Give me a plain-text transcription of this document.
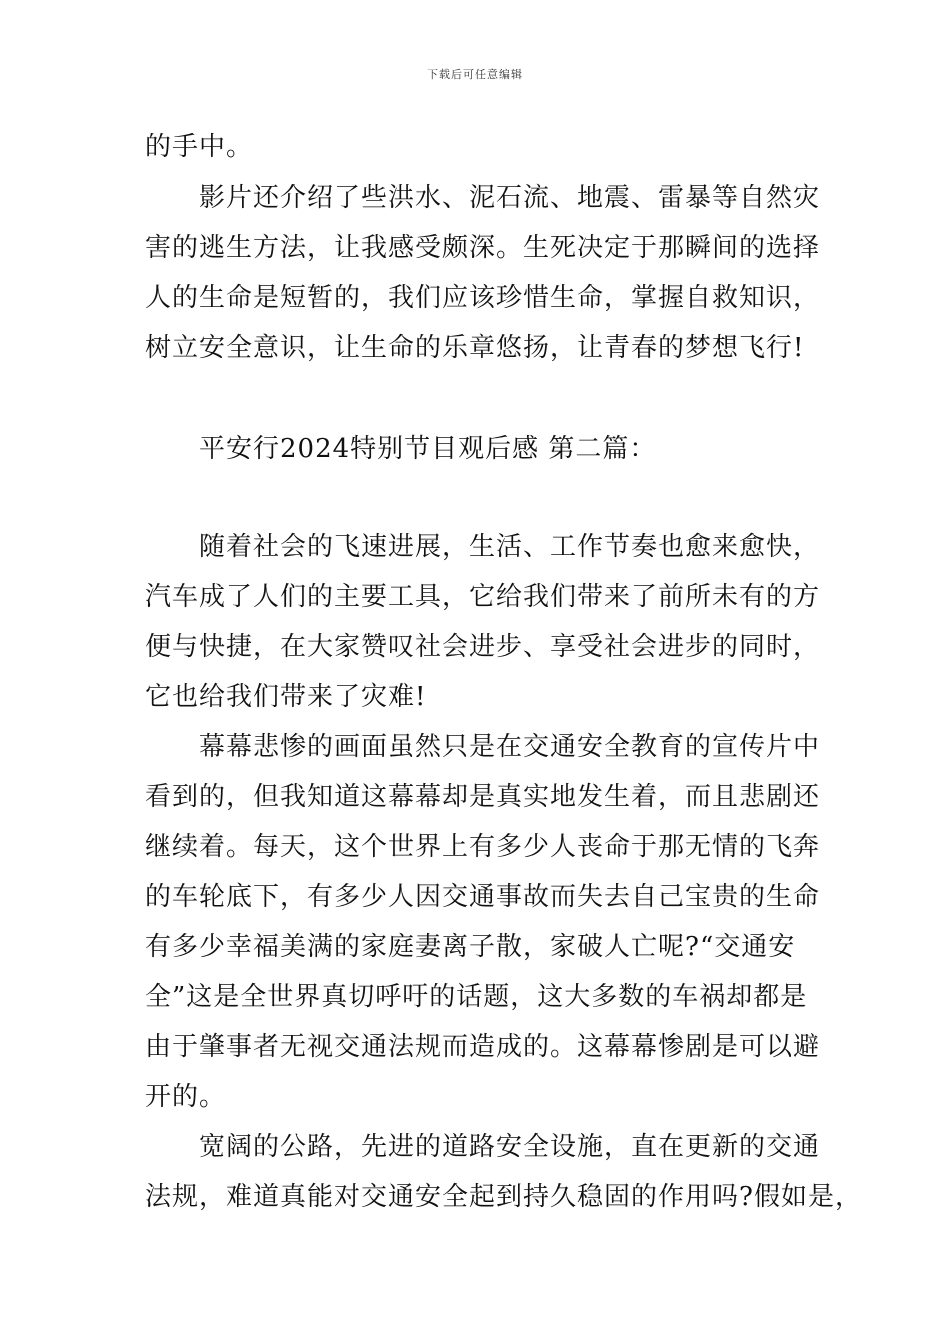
下载后可任意编辑
的手中。
影片还介绍了些洪水、泥石流、地震、雷暴等自然灾
害的逃生方法，让我感受颇深。生死决定于那瞬间的选择
人的生命是短暂的，我们应该珍惜生命，掌握自救知识，
树立安全意识，让生命的乐章悠扬，让青春的梦想飞行!
平安行2024特别节目观后感 第二篇：
随着社会的飞速进展，生活、工作节奏也愈来愈快，
汽车成了人们的主要工具，它给我们带来了前所未有的方
便与快捷，在大家赞叹社会进步、享受社会进步的同时，
它也给我们带来了灾难!
幕幕悲惨的画面虽然只是在交通安全教育的宣传片中
看到的，但我知道这幕幕却是真实地发生着，而且悲剧还
继续着。每天，这个世界上有多少人丧命于那无情的飞奔
的车轮底下，有多少人因交通事故而失去自己宝贵的生命
有多少幸福美满的家庭妻离子散，家破人亡呢?“交通安
全”这是全世界真切呼吁的话题，这大多数的车祸却都是
由于肇事者无视交通法规而造成的。这幕幕惨剧是可以避
开的。
宽阔的公路，先进的道路安全设施，直在更新的交通
法规，难道真能对交通安全起到持久稳固的作用吗?假如是，
